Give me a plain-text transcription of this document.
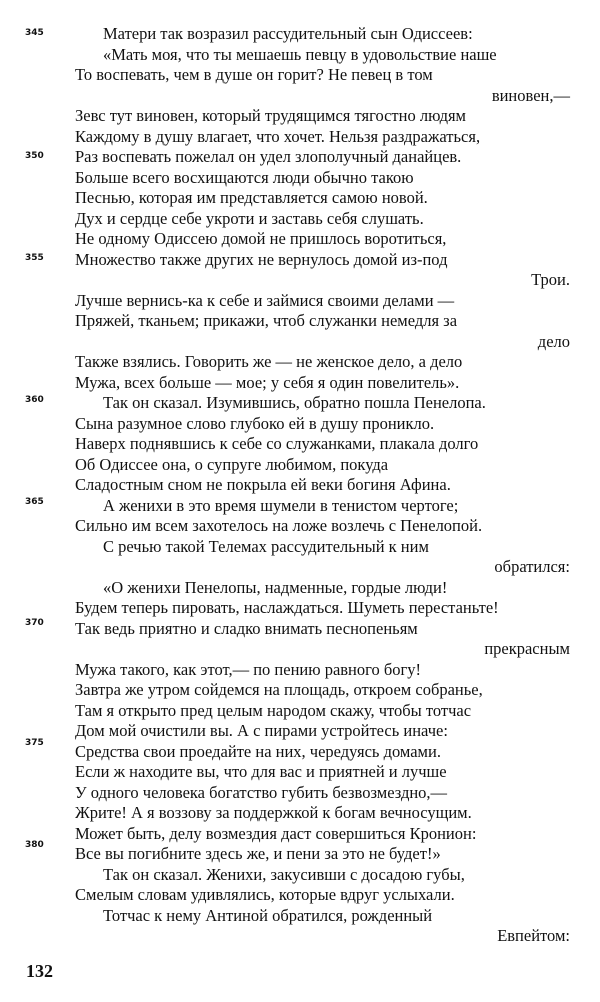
345
350
355
360
365
370
375
380
Матери так возразил рассудительный сын Одиссеев:
«Мать моя, что ты мешаешь певцу в удовольствие наше
То воспевать, чем в душе он горит? Не певец в том
виновен,—
Зевс тут виновен, который трудящимся тягостно людям
Каждому в душу влагает, что хочет. Нельзя раздражаться,
Раз воспевать пожелал он удел злополучный данайцев.
Больше всего восхищаются люди обычно такою
Песнью, которая им представляется самою новой.
Дух и сердце себе укроти и заставь себя слушать.
Не одному Одиссею домой не пришлось воротиться,
Множество также других не вернулось домой из-под
Трои.
Лучше вернись-ка к себе и займися своими делами —
Пряжей, тканьем; прикажи, чтоб служанки немедля за
дело
Также взялись. Говорить же — не женское дело, а дело
Мужа, всех больше — мое; у себя я один повелитель».
Так он сказал. Изумившись, обратно пошла Пенелопа.
Сына разумное слово глубоко ей в душу проникло.
Наверх поднявшись к себе со служанками, плакала долго
Об Одиссее она, о супруге любимом, покуда
Сладостным сном не покрыла ей веки богиня Афина.
А женихи в это время шумели в тенистом чертоге;
Сильно им всем захотелось на ложе возлечь с Пенелопой.
С речью такой Телемах рассудительный к ним
обратился:
«О женихи Пенелопы, надменные, гордые люди!
Будем теперь пировать, наслаждаться. Шуметь перестаньте!
Так ведь приятно и сладко внимать песнопеньям
прекрасным
Мужа такого, как этот,— по пению равного богу!
Завтра же утром сойдемся на площадь, откроем собранье,
Там я открыто пред целым народом скажу, чтобы тотчас
Дом мой очистили вы. А с пирами устройтесь иначе:
Средства свои проедайте на них, чередуясь домами.
Если ж находите вы, что для вас и приятней и лучше
У одного человека богатство губить безвозмездно,—
Жрите! А я воззову за поддержкой к богам вечносущим.
Может быть, делу возмездия даст совершиться Кронион:
Все вы погибните здесь же, и пени за это не будет!»
Так он сказал. Женихи, закусивши с досадою губы,
Смелым словам удивлялись, которые вдруг услыхали.
Тотчас к нему Антиной обратился, рожденный
Евпейтом:
132
